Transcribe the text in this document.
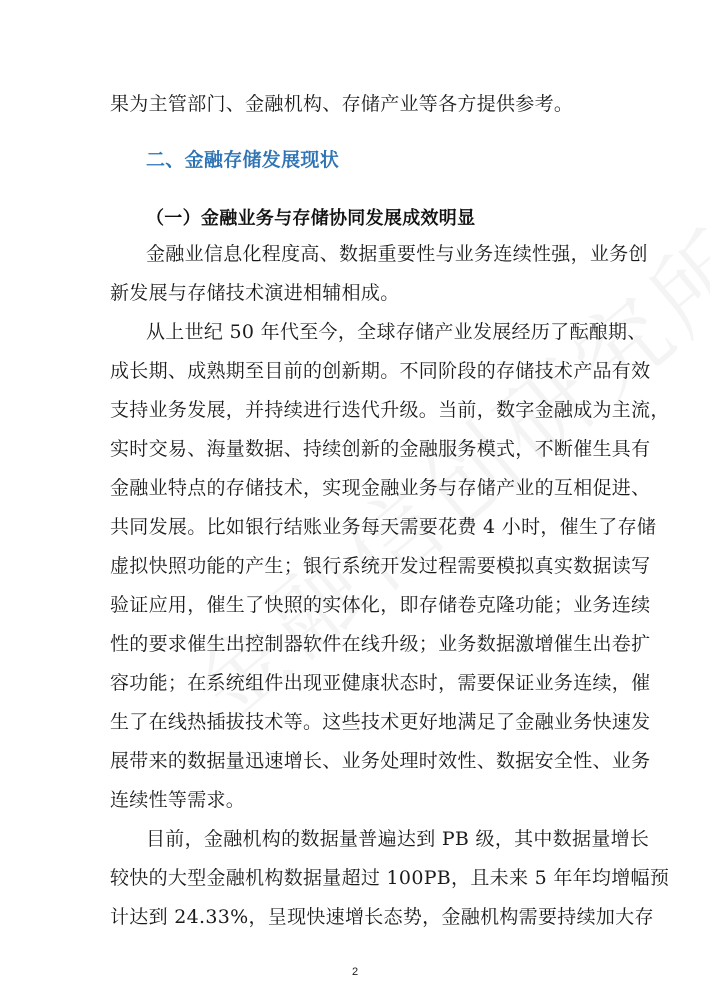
果为主管部门、金融机构、存储产业等各方提供参考。

二、金融存储发展现状
（一）金融业务与存储协同发展成效明显

金融业信息化程度高、数据重要性与业务连续性强，业务创

新发展与存储技术演进相辅相成。

从上世纪 50 年代至今，全球存储产业发展经历了酝酿期、

成长期、成熟期至目前的创新期。不同阶段的存储技术产品有效

支持业务发展，并持续进行迭代升级。当前，数字金融成为主流，

实时交易、海量数据、持续创新的金融服务模式，不断催生具有

金融业特点的存储技术，实现金融业务与存储产业的互相促进、

共同发展。比如银行结账业务每天需要花费 4 小时，催生了存储

虚拟快照功能的产生；银行系统开发过程需要模拟真实数据读写

验证应用，催生了快照的实体化，即存储卷克隆功能；业务连续

性的要求催生出控制器软件在线升级；业务数据激增催生出卷扩

容功能；在系统组件出现亚健康状态时，需要保证业务连续，催

生了在线热插拔技术等。这些技术更好地满足了金融业务快速发

展带来的数据量迅速增长、业务处理时效性、数据安全性、业务

连续性等需求。

目前，金融机构的数据量普遍达到 PB 级，其中数据量增长

较快的大型金融机构数据量超过 100PB，且未来 5 年年均增幅预

计达到 24.33%，呈现快速增长态势，金融机构需要持续加大存

2
